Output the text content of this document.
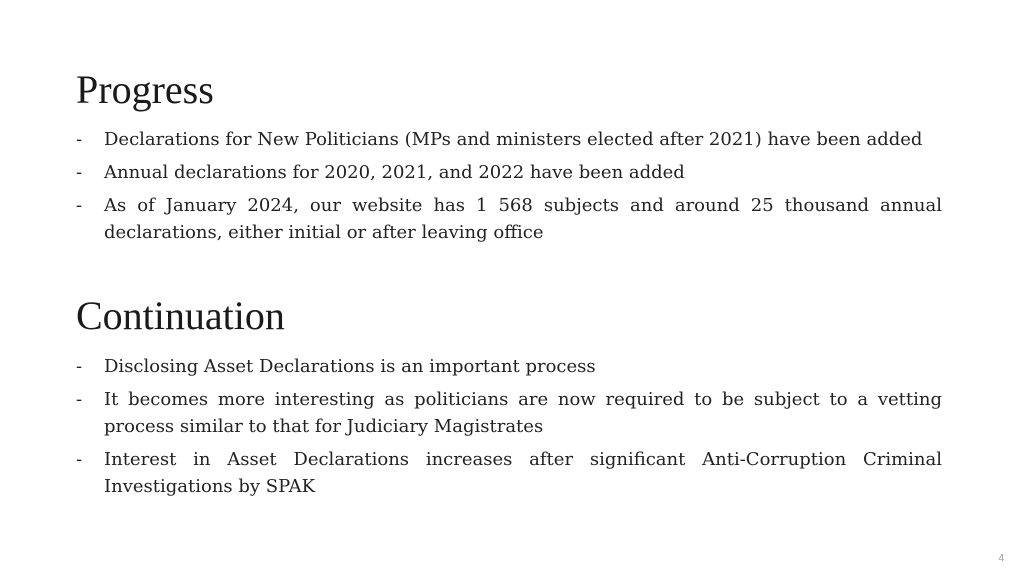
Progress
-	Declarations for New Politicians (MPs and ministers elected after 2021) have been added
-	Annual declarations for 2020, 2021, and 2022 have been added
-	As of January 2024, our website has 1 568 subjects and around 25 thousand annual declarations, either initial or after leaving office
Continuation
-	Disclosing Asset Declarations is an important process
-	It becomes more interesting as politicians are now required to be subject to a vetting process similar to that for Judiciary Magistrates
-	Interest in Asset Declarations increases after significant Anti-Corruption Criminal Investigations by SPAK
4
